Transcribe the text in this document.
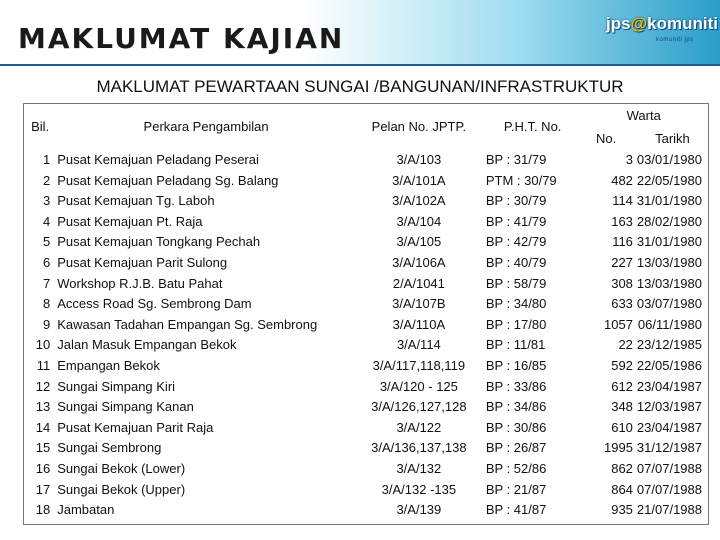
MAKLUMAT KAJIAN	jps@komuniti
komuniti jps
MAKLUMAT PEWARTAAN SUNGAI /BANGUNAN/INFRASTRUKTUR
Bil.	Perkara Pengambilan	Pelan No. JPTP.	P.H.T. No.	Warta	
				No.	Tarikh
1	Pusat Kemajuan Peladang Peserai	3/A/103	BP : 31/79	3	03/01/1980
2	Pusat Kemajuan Peladang Sg. Balang	3/A/101A	PTM : 30/79	482	22/05/1980
3	Pusat Kemajuan Tg. Laboh	3/A/102A	BP : 30/79	114	31/01/1980
4	Pusat Kemajuan Pt. Raja	3/A/104	BP : 41/79	163	28/02/1980
5	Pusat Kemajuan Tongkang Pechah	3/A/105	BP : 42/79	116	31/01/1980
6	Pusat Kemajuan Parit Sulong	3/A/106A	BP : 40/79	227	13/03/1980
7	Workshop R.J.B. Batu Pahat	2/A/1041	BP : 58/79	308	13/03/1980
8	Access Road Sg. Sembrong Dam	3/A/107B	BP : 34/80	633	03/07/1980
9	Kawasan Tadahan Empangan Sg. Sembrong	3/A/110A	BP : 17/80	1057	06/11/1980
10	Jalan Masuk Empangan Bekok	3/A/114	BP : 11/81	22	23/12/1985
11	Empangan Bekok	3/A/117,118,119	BP : 16/85	592	22/05/1986
12	Sungai Simpang Kiri	3/A/120 - 125	BP : 33/86	612	23/04/1987
13	Sungai Simpang Kanan	3/A/126,127,128	BP : 34/86	348	12/03/1987
14	Pusat Kemajuan Parit Raja	3/A/122	BP : 30/86	610	23/04/1987
15	Sungai Sembrong	3/A/136,137,138	BP : 26/87	1995	31/12/1987
16	Sungai Bekok (Lower)	3/A/132	BP : 52/86	862	07/07/1988
17	Sungai Bekok (Upper)	3/A/132 -135	BP : 21/87	864	07/07/1988
18	Jambatan	3/A/139	BP : 41/87	935	21/07/1988
